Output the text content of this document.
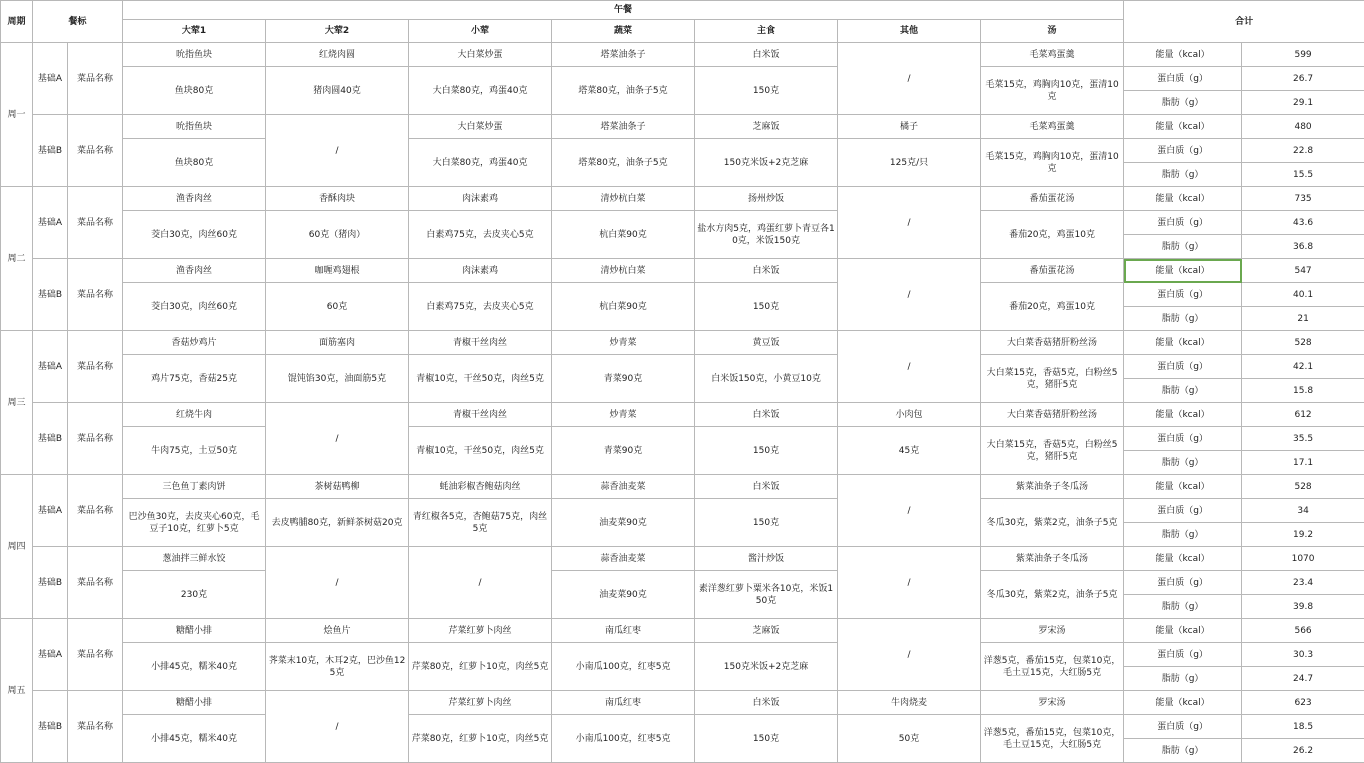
周期	餐标		午餐							合计	
			大荤1	大荤2	小荤	蔬菜	主食	其他	汤		
周一	基础A	菜品名称	吮指鱼块	红烧肉圆	大白菜炒蛋	塔菜油条子	白米饭	/	毛菜鸡蛋羹	能量（kcal）	599
			鱼块80克	猪肉圆40克	大白菜80克，鸡蛋40克	塔菜80克，油条子5克	150克		毛菜15克，鸡胸肉10克，蛋清10克	蛋白质（g）	26.7
										脂肪（g）	29.1
	基础B	菜品名称	吮指鱼块	/	大白菜炒蛋	塔菜油条子	芝麻饭	橘子	毛菜鸡蛋羹	能量（kcal）	480
			鱼块80克		大白菜80克，鸡蛋40克	塔菜80克，油条子5克	150克米饭+2克芝麻	125克/只	毛菜15克，鸡胸肉10克，蛋清10克	蛋白质（g）	22.8
										脂肪（g）	15.5
周二	基础A	菜品名称	渔香肉丝	香酥肉块	肉沫素鸡	清炒杭白菜	扬州炒饭	/	番茄蛋花汤	能量（kcal）	735
			茭白30克，肉丝60克	60克（猪肉）	白素鸡75克，去皮夹心5克	杭白菜90克	盐水方肉5克，鸡蛋红萝卜青豆各10克，米饭150克		番茄20克，鸡蛋10克	蛋白质（g）	43.6
										脂肪（g）	36.8
	基础B	菜品名称	渔香肉丝	咖喱鸡翅根	肉沫素鸡	清炒杭白菜	白米饭	/	番茄蛋花汤	能量（kcal）	547
			茭白30克，肉丝60克	60克	白素鸡75克，去皮夹心5克	杭白菜90克	150克		番茄20克，鸡蛋10克	蛋白质（g）	40.1
										脂肪（g）	21
周三	基础A	菜品名称	香菇炒鸡片	面筋塞肉	青椒干丝肉丝	炒青菜	黄豆饭	/	大白菜香菇猪肝粉丝汤	能量（kcal）	528
			鸡片75克，香菇25克	馄饨馅30克，油面筋5克	青椒10克，干丝50克，肉丝5克	青菜90克	白米饭150克，小黄豆10克		大白菜15克，香菇5克，白粉丝5克，猪肝5克	蛋白质（g）	42.1
										脂肪（g）	15.8
	基础B	菜品名称	红烧牛肉	/	青椒干丝肉丝	炒青菜	白米饭	小肉包	大白菜香菇猪肝粉丝汤	能量（kcal）	612
			牛肉75克，土豆50克		青椒10克，干丝50克，肉丝5克	青菜90克	150克	45克	大白菜15克，香菇5克，白粉丝5克，猪肝5克	蛋白质（g）	35.5
										脂肪（g）	17.1
周四	基础A	菜品名称	三色鱼丁素肉饼	茶树菇鸭柳	蚝油彩椒杏鲍菇肉丝	蒜香油麦菜	白米饭	/	紫菜油条子冬瓜汤	能量（kcal）	528
			巴沙鱼30克，去皮夹心60克，毛豆子10克，红萝卜5克	去皮鸭脯80克，新鲜茶树菇20克	青红椒各5克，杏鲍菇75克，肉丝5克	油麦菜90克	150克		冬瓜30克，紫菜2克，油条子5克	蛋白质（g）	34
										脂肪（g）	19.2
	基础B	菜品名称	葱油拌三鲜水饺	/	/	蒜香油麦菜	酱汁炒饭	/	紫菜油条子冬瓜汤	能量（kcal）	1070
			230克			油麦菜90克	素洋葱红萝卜粟米各10克，米饭150克		冬瓜30克，紫菜2克，油条子5克	蛋白质（g）	23.4
										脂肪（g）	39.8
周五	基础A	菜品名称	糖醋小排	烩鱼片	芹菜红萝卜肉丝	南瓜红枣	芝麻饭	/	罗宋汤	能量（kcal）	566
			小排45克，糯米40克	荠菜末10克，木耳2克，巴沙鱼125克	芹菜80克，红萝卜10克，肉丝5克	小南瓜100克，红枣5克	150克米饭+2克芝麻		洋葱5克，番茄15克，包菜10克，毛土豆15克，大红肠5克	蛋白质（g）	30.3
										脂肪（g）	24.7
	基础B	菜品名称	糖醋小排	/	芹菜红萝卜肉丝	南瓜红枣	白米饭	牛肉烧麦	罗宋汤	能量（kcal）	623
			小排45克，糯米40克		芹菜80克，红萝卜10克，肉丝5克	小南瓜100克，红枣5克	150克	50克	洋葱5克，番茄15克，包菜10克，毛土豆15克，大红肠5克	蛋白质（g）	18.5
										脂肪（g）	26.2
